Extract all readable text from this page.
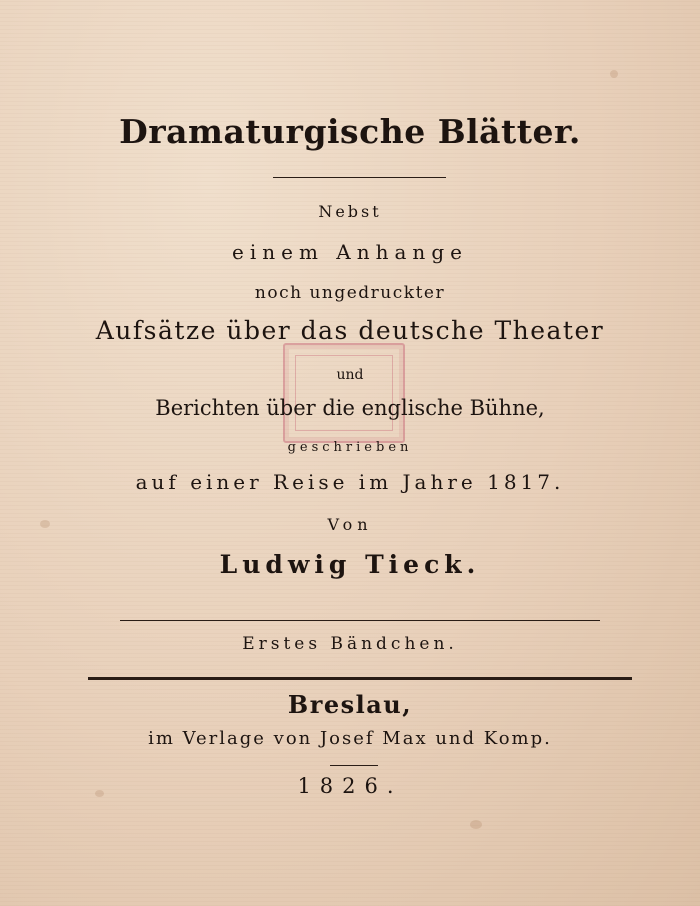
Dramaturgische Blätter.
Nebst
einem Anhange
noch ungedruckter
Aufsätze über das deutsche Theater
und
Berichten über die englische Bühne,
geschrieben
auf einer Reise im Jahre 1817.
Von
Ludwig Tieck.
Erstes Bändchen.
Breslau,
im Verlage von Josef Max und Komp.
1826.
